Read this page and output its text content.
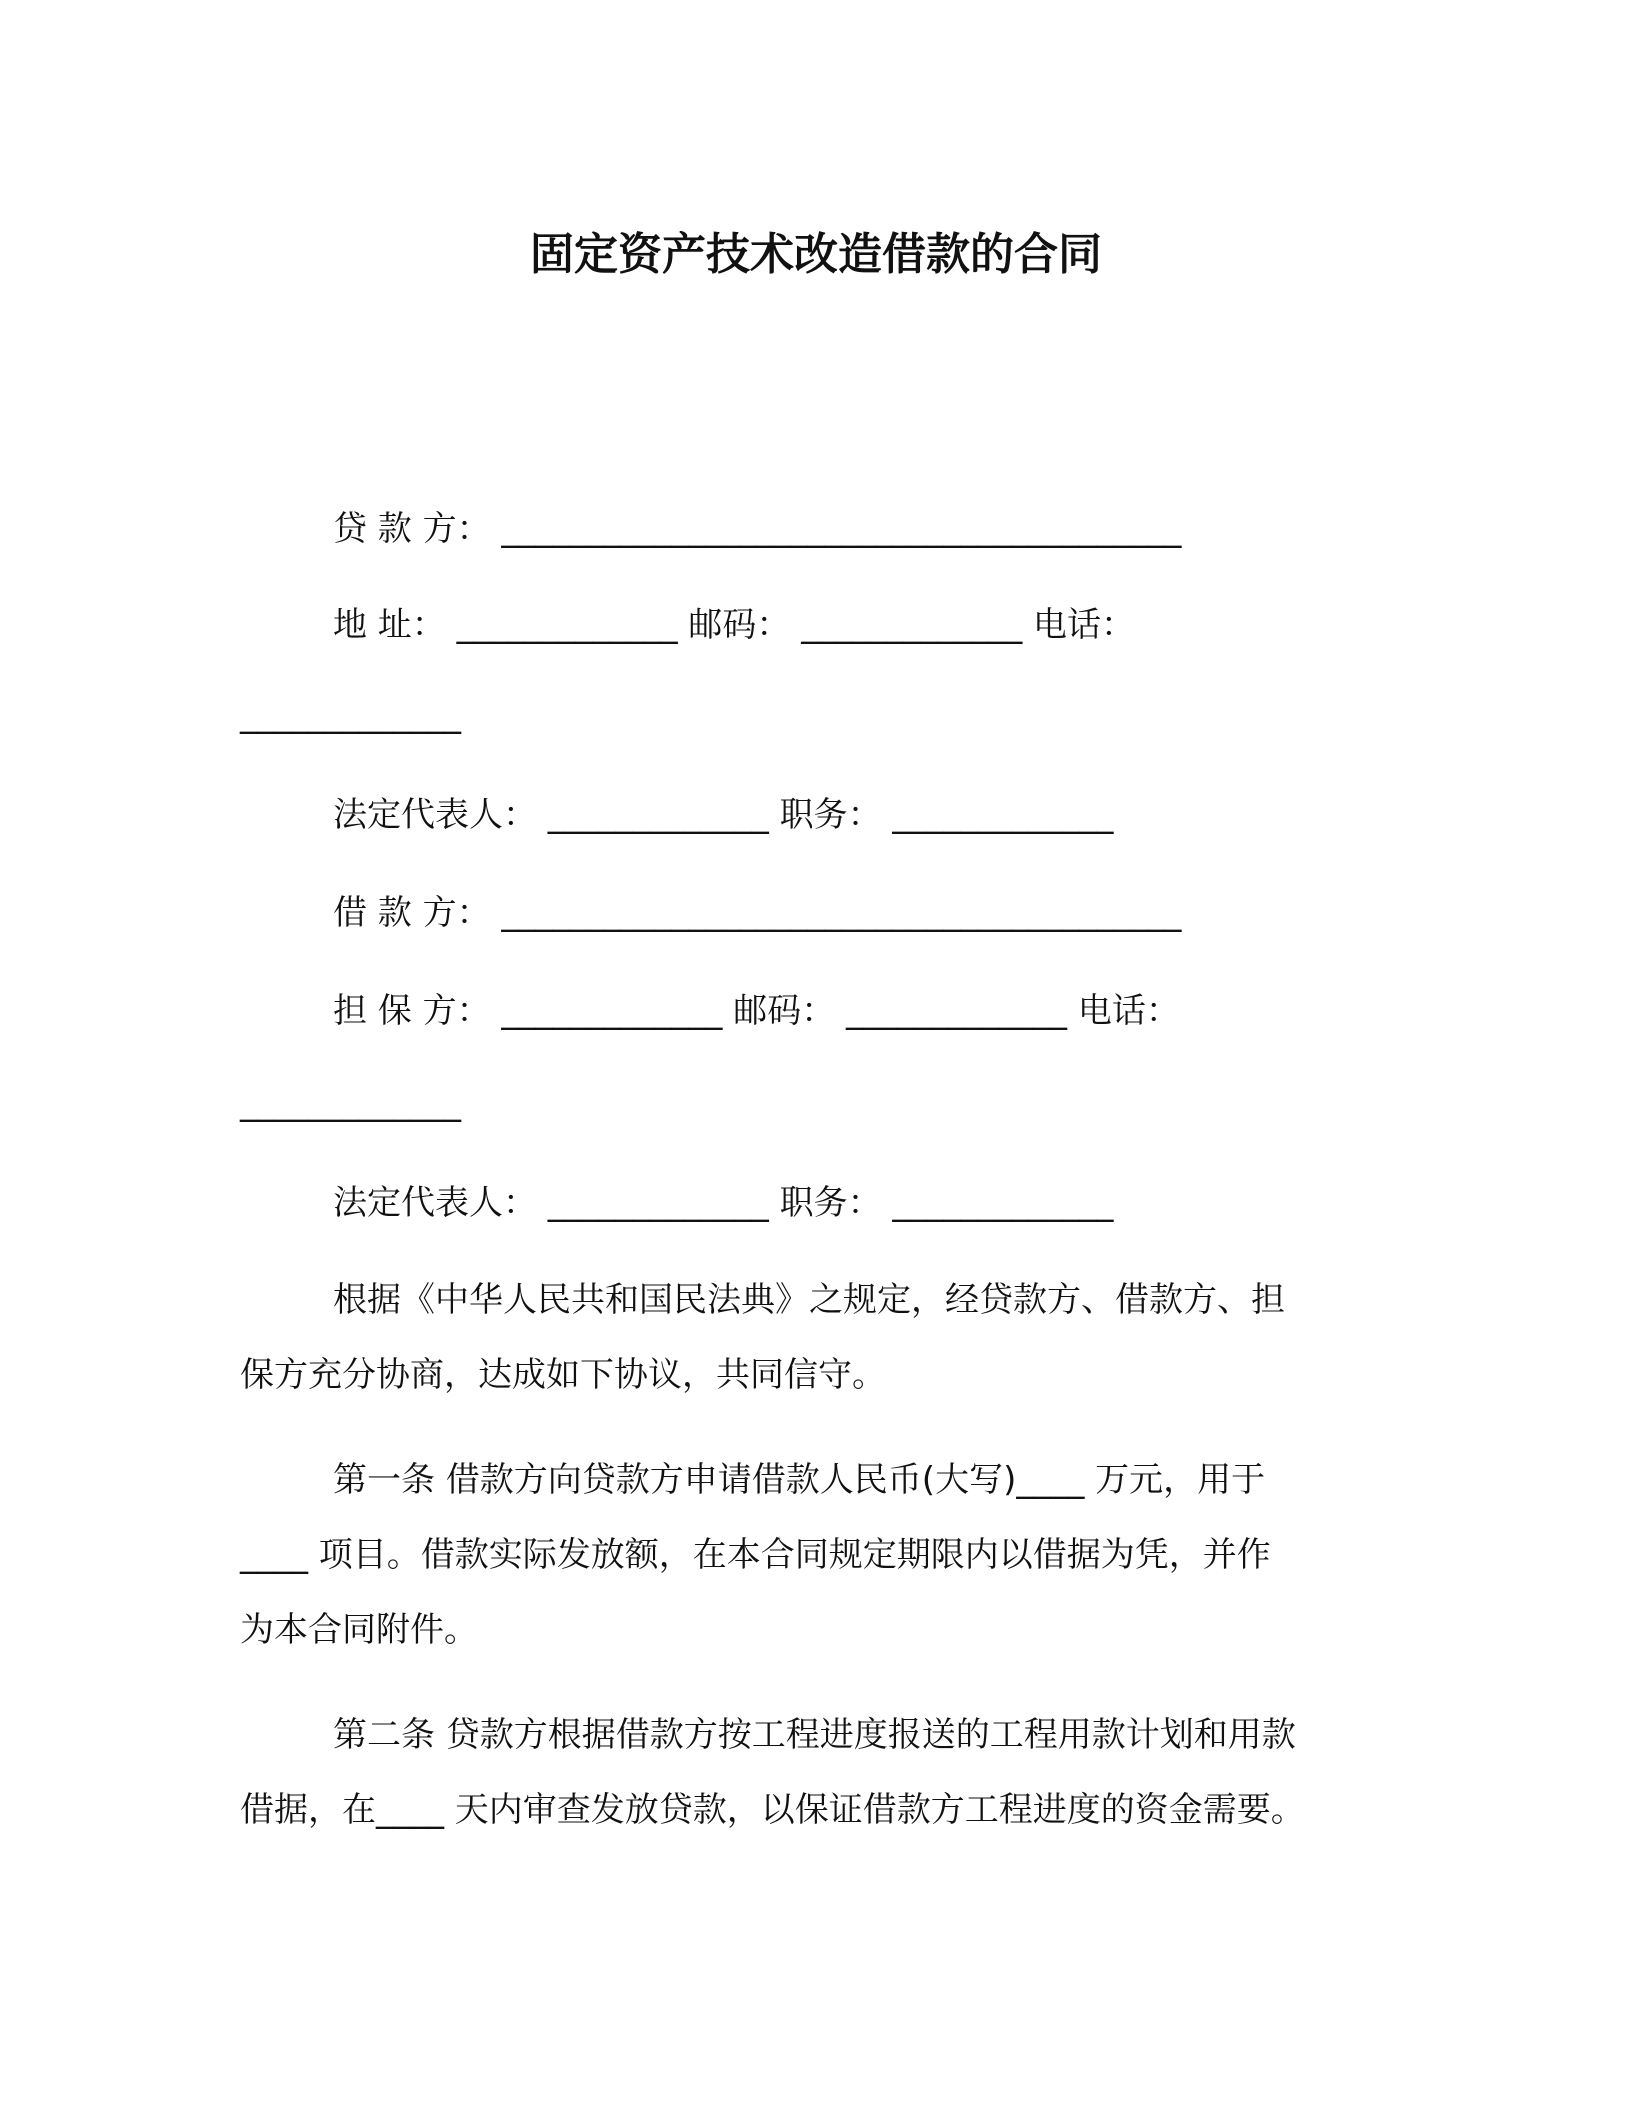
固定资产技术改造借款的合同
贷 款 方： ________________________________________
地 址： _____________ 邮码： _____________ 电话：
_____________
法定代表人： _____________ 职务： _____________
借 款 方： ________________________________________
担 保 方： _____________ 邮码： _____________ 电话：
_____________
法定代表人： _____________ 职务： _____________
根据《中华人民共和国民法典》之规定，经贷款方、借款方、担
保方充分协商，达成如下协议，共同信守。
第一条 借款方向贷款方申请借款人民币(大写)____ 万元，用于
____ 项目。借款实际发放额，在本合同规定期限内以借据为凭，并作
为本合同附件。
第二条 贷款方根据借款方按工程进度报送的工程用款计划和用款
借据，在____ 天内审查发放贷款，以保证借款方工程进度的资金需要。
